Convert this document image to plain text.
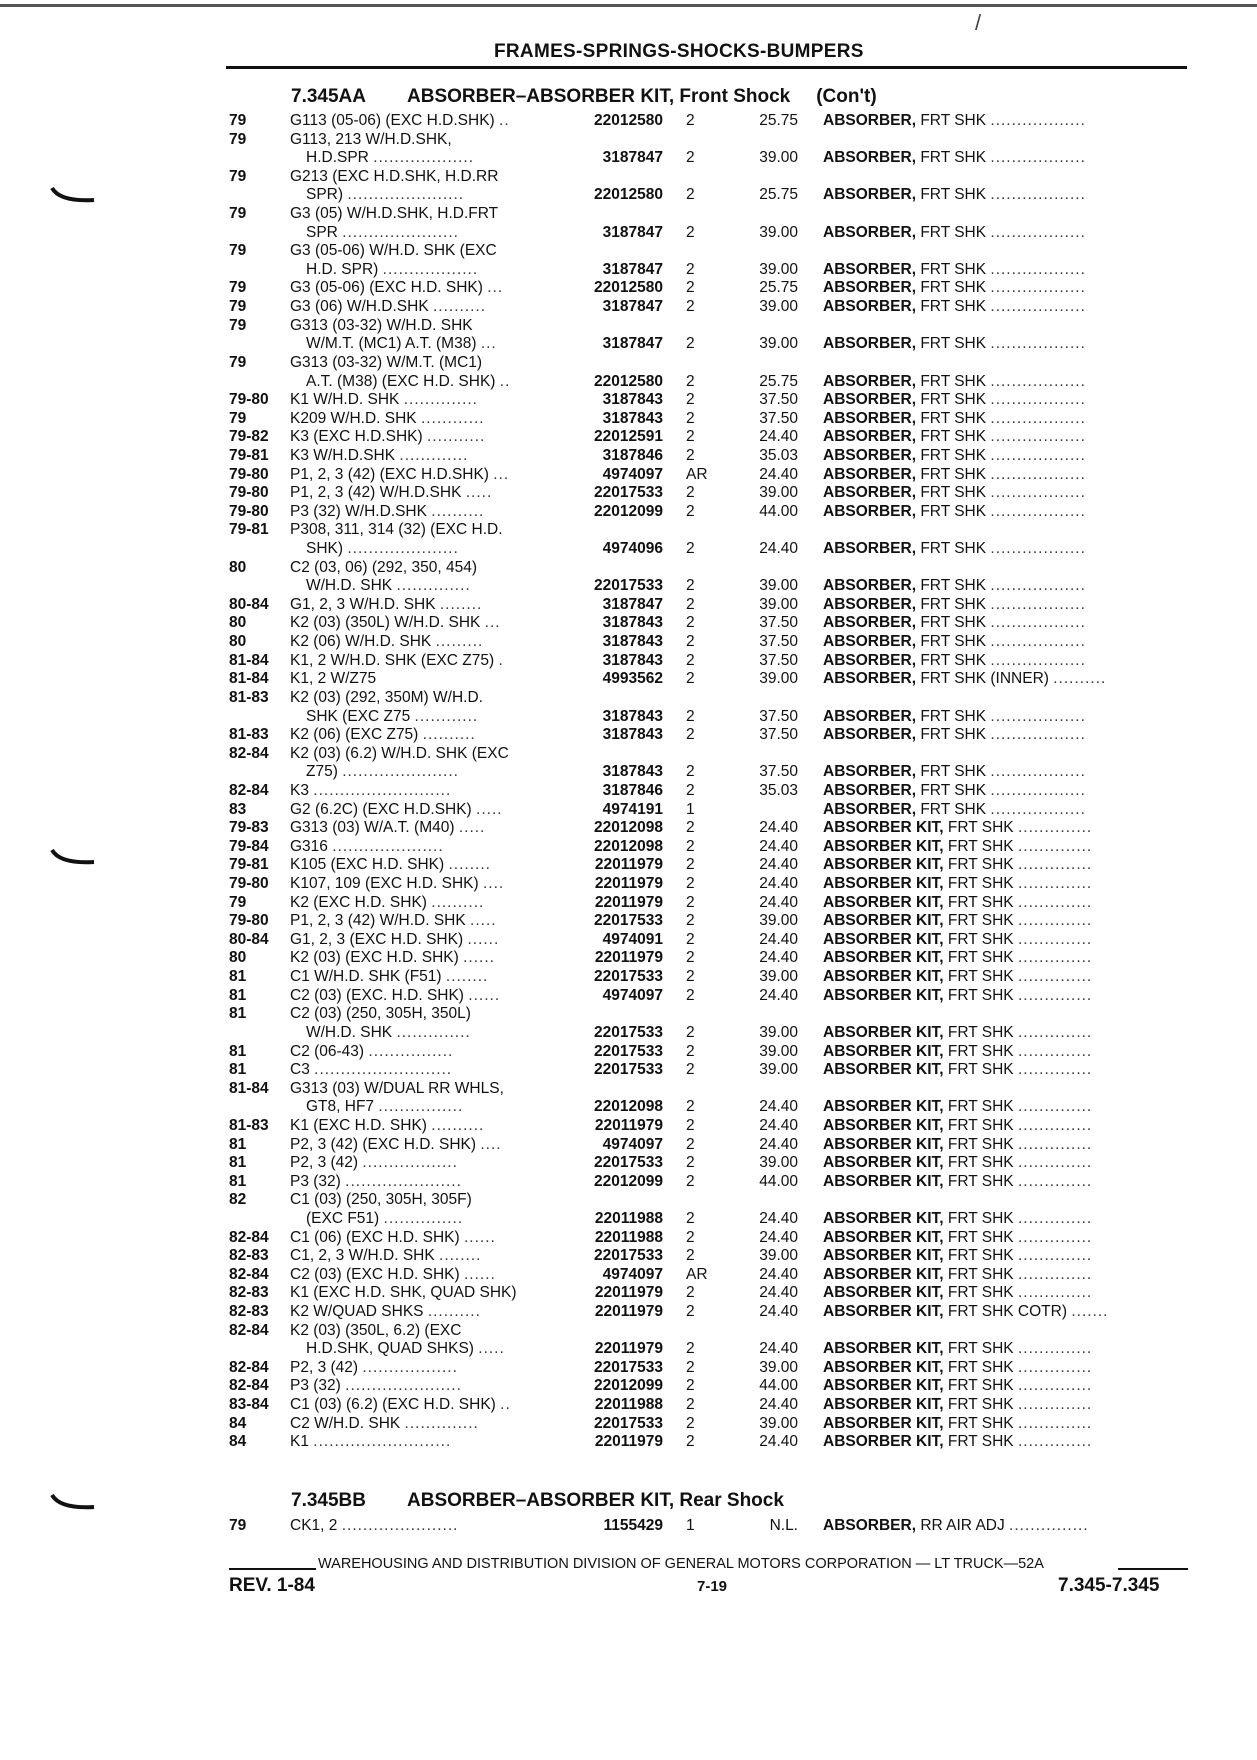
/
FRAMES-SPRINGS-SHOCKS-BUMPERS
7.345AA ABSORBER–ABSORBER KIT, Front Shock (Con't)
79	G113 (05-06) (EXC H.D.SHK) ..	22012580 2	25.75 ABSORBER, FRT SHK ..................
79	G113, 213 W/H.D.SHK,
H.D.SPR ...................	3187847 2	39.00 ABSORBER, FRT SHK ..................
79	G213 (EXC H.D.SHK, H.D.RR
SPR) ......................	22012580 2	25.75 ABSORBER, FRT SHK ..................
79	G3 (05) W/H.D.SHK, H.D.FRT
SPR ......................	3187847 2	39.00 ABSORBER, FRT SHK ..................
79	G3 (05-06) W/H.D. SHK (EXC
H.D. SPR) ..................	3187847 2	39.00 ABSORBER, FRT SHK ..................
79	G3 (05-06) (EXC H.D. SHK) ...	22012580 2	25.75 ABSORBER, FRT SHK ..................
79	G3 (06) W/H.D.SHK ..........	3187847 2	39.00 ABSORBER, FRT SHK ..................
79	G313 (03-32) W/H.D. SHK
W/M.T. (MC1) A.T. (M38) ...	3187847 2	39.00 ABSORBER, FRT SHK ..................
79	G313 (03-32) W/M.T. (MC1)
A.T. (M38) (EXC H.D. SHK) ..	22012580 2	25.75 ABSORBER, FRT SHK ..................
79-80 K1 W/H.D. SHK ..............	3187843 2	37.50 ABSORBER, FRT SHK ..................
79	K209 W/H.D. SHK ............	3187843 2	37.50 ABSORBER, FRT SHK ..................
79-82 K3 (EXC H.D.SHK) ...........	22012591 2	24.40 ABSORBER, FRT SHK ..................
79-81 K3 W/H.D.SHK .............	3187846 2	35.03 ABSORBER, FRT SHK ..................
79-80 P1, 2, 3 (42) (EXC H.D.SHK) ...	4974097 AR	24.40 ABSORBER, FRT SHK ..................
79-80 P1, 2, 3 (42) W/H.D.SHK .....	22017533 2	39.00 ABSORBER, FRT SHK ..................
79-80 P3 (32) W/H.D.SHK ..........	22012099 2	44.00 ABSORBER, FRT SHK ..................
79-81 P308, 311, 314 (32) (EXC H.D.
SHK) .....................	4974096 2	24.40 ABSORBER, FRT SHK ..................
80	C2 (03, 06) (292, 350, 454)
W/H.D. SHK ..............	22017533 2	39.00 ABSORBER, FRT SHK ..................
80-84 G1, 2, 3 W/H.D. SHK ........	3187847 2	39.00 ABSORBER, FRT SHK ..................
80	K2 (03) (350L) W/H.D. SHK ...	3187843 2	37.50 ABSORBER, FRT SHK ..................
80	K2 (06) W/H.D. SHK .........	3187843 2	37.50 ABSORBER, FRT SHK ..................
81-84 K1, 2 W/H.D. SHK (EXC Z75) .	3187843 2	37.50 ABSORBER, FRT SHK ..................
81-84 K1, 2 W/Z75	4993562 2	39.00 ABSORBER, FRT SHK (INNER) ..........
81-83 K2 (03) (292, 350M) W/H.D.
SHK (EXC Z75 ............	3187843 2	37.50 ABSORBER, FRT SHK ..................
81-83 K2 (06) (EXC Z75) ..........	3187843 2	37.50 ABSORBER, FRT SHK ..................
82-84 K2 (03) (6.2) W/H.D. SHK (EXC
Z75) ......................	3187843 2	37.50 ABSORBER, FRT SHK ..................
82-84 K3 ..........................	3187846 2	35.03 ABSORBER, FRT SHK ..................
83	G2 (6.2C) (EXC H.D.SHK) .....	4974191 1	ABSORBER, FRT SHK ..................
79-83 G313 (03) W/A.T. (M40) .....	22012098 2	24.40 ABSORBER KIT, FRT SHK ..............
79-84 G316 .....................	22012098 2	24.40 ABSORBER KIT, FRT SHK ..............
79-81 K105 (EXC H.D. SHK) ........	22011979 2	24.40 ABSORBER KIT, FRT SHK ..............
79-80 K107, 109 (EXC H.D. SHK) ....	22011979 2	24.40 ABSORBER KIT, FRT SHK ..............
79	K2 (EXC H.D. SHK) ..........	22011979 2	24.40 ABSORBER KIT, FRT SHK ..............
79-80 P1, 2, 3 (42) W/H.D. SHK .....	22017533 2	39.00 ABSORBER KIT, FRT SHK ..............
80-84 G1, 2, 3 (EXC H.D. SHK) ......	4974091 2	24.40 ABSORBER KIT, FRT SHK ..............
80	K2 (03) (EXC H.D. SHK) ......	22011979 2	24.40 ABSORBER KIT, FRT SHK ..............
81	C1 W/H.D. SHK (F51) ........	22017533 2	39.00 ABSORBER KIT, FRT SHK ..............
81	C2 (03) (EXC. H.D. SHK) ......	4974097 2	24.40 ABSORBER KIT, FRT SHK ..............
81	C2 (03) (250, 305H, 350L)
W/H.D. SHK ..............	22017533 2	39.00 ABSORBER KIT, FRT SHK ..............
81	C2 (06-43) ................	22017533 2	39.00 ABSORBER KIT, FRT SHK ..............
81	C3 ..........................	22017533 2	39.00 ABSORBER KIT, FRT SHK ..............
81-84 G313 (03) W/DUAL RR WHLS,
GT8, HF7 ................	22012098 2	24.40 ABSORBER KIT, FRT SHK ..............
81-83 K1 (EXC H.D. SHK) ..........	22011979 2	24.40 ABSORBER KIT, FRT SHK ..............
81	P2, 3 (42) (EXC H.D. SHK) ....	4974097 2	24.40 ABSORBER KIT, FRT SHK ..............
81	P2, 3 (42) ..................	22017533 2	39.00 ABSORBER KIT, FRT SHK ..............
81	P3 (32) ......................	22012099 2	44.00 ABSORBER KIT, FRT SHK ..............
82	C1 (03) (250, 305H, 305F)
(EXC F51) ...............	22011988 2	24.40 ABSORBER KIT, FRT SHK ..............
82-84 C1 (06) (EXC H.D. SHK) ......	22011988 2	24.40 ABSORBER KIT, FRT SHK ..............
82-83 C1, 2, 3 W/H.D. SHK ........	22017533 2	39.00 ABSORBER KIT, FRT SHK ..............
82-84 C2 (03) (EXC H.D. SHK) ......	4974097 AR	24.40 ABSORBER KIT, FRT SHK ..............
82-83 K1 (EXC H.D. SHK, QUAD SHK)	22011979 2	24.40 ABSORBER KIT, FRT SHK ..............
82-83 K2 W/QUAD SHKS ..........	22011979 2	24.40 ABSORBER KIT, FRT SHK COTR) .......
82-84 K2 (03) (350L, 6.2) (EXC
H.D.SHK, QUAD SHKS) .....	22011979 2	24.40 ABSORBER KIT, FRT SHK ..............
82-84 P2, 3 (42) ..................	22017533 2	39.00 ABSORBER KIT, FRT SHK ..............
82-84 P3 (32) ......................	22012099 2	44.00 ABSORBER KIT, FRT SHK ..............
83-84 C1 (03) (6.2) (EXC H.D. SHK) ..	22011988 2	24.40 ABSORBER KIT, FRT SHK ..............
84	C2 W/H.D. SHK ..............	22017533 2	39.00 ABSORBER KIT, FRT SHK ..............
84	K1 ..........................	22011979 2	24.40 ABSORBER KIT, FRT SHK ..............
7.345BB ABSORBER–ABSORBER KIT, Rear Shock
79	CK1, 2 ......................	1155429 1	N.L. ABSORBER, RR AIR ADJ ...............
WAREHOUSING AND DISTRIBUTION DIVISION OF GENERAL MOTORS CORPORATION — LT TRUCK—52A
REV. 1-84	7-19	7.345-7.345
